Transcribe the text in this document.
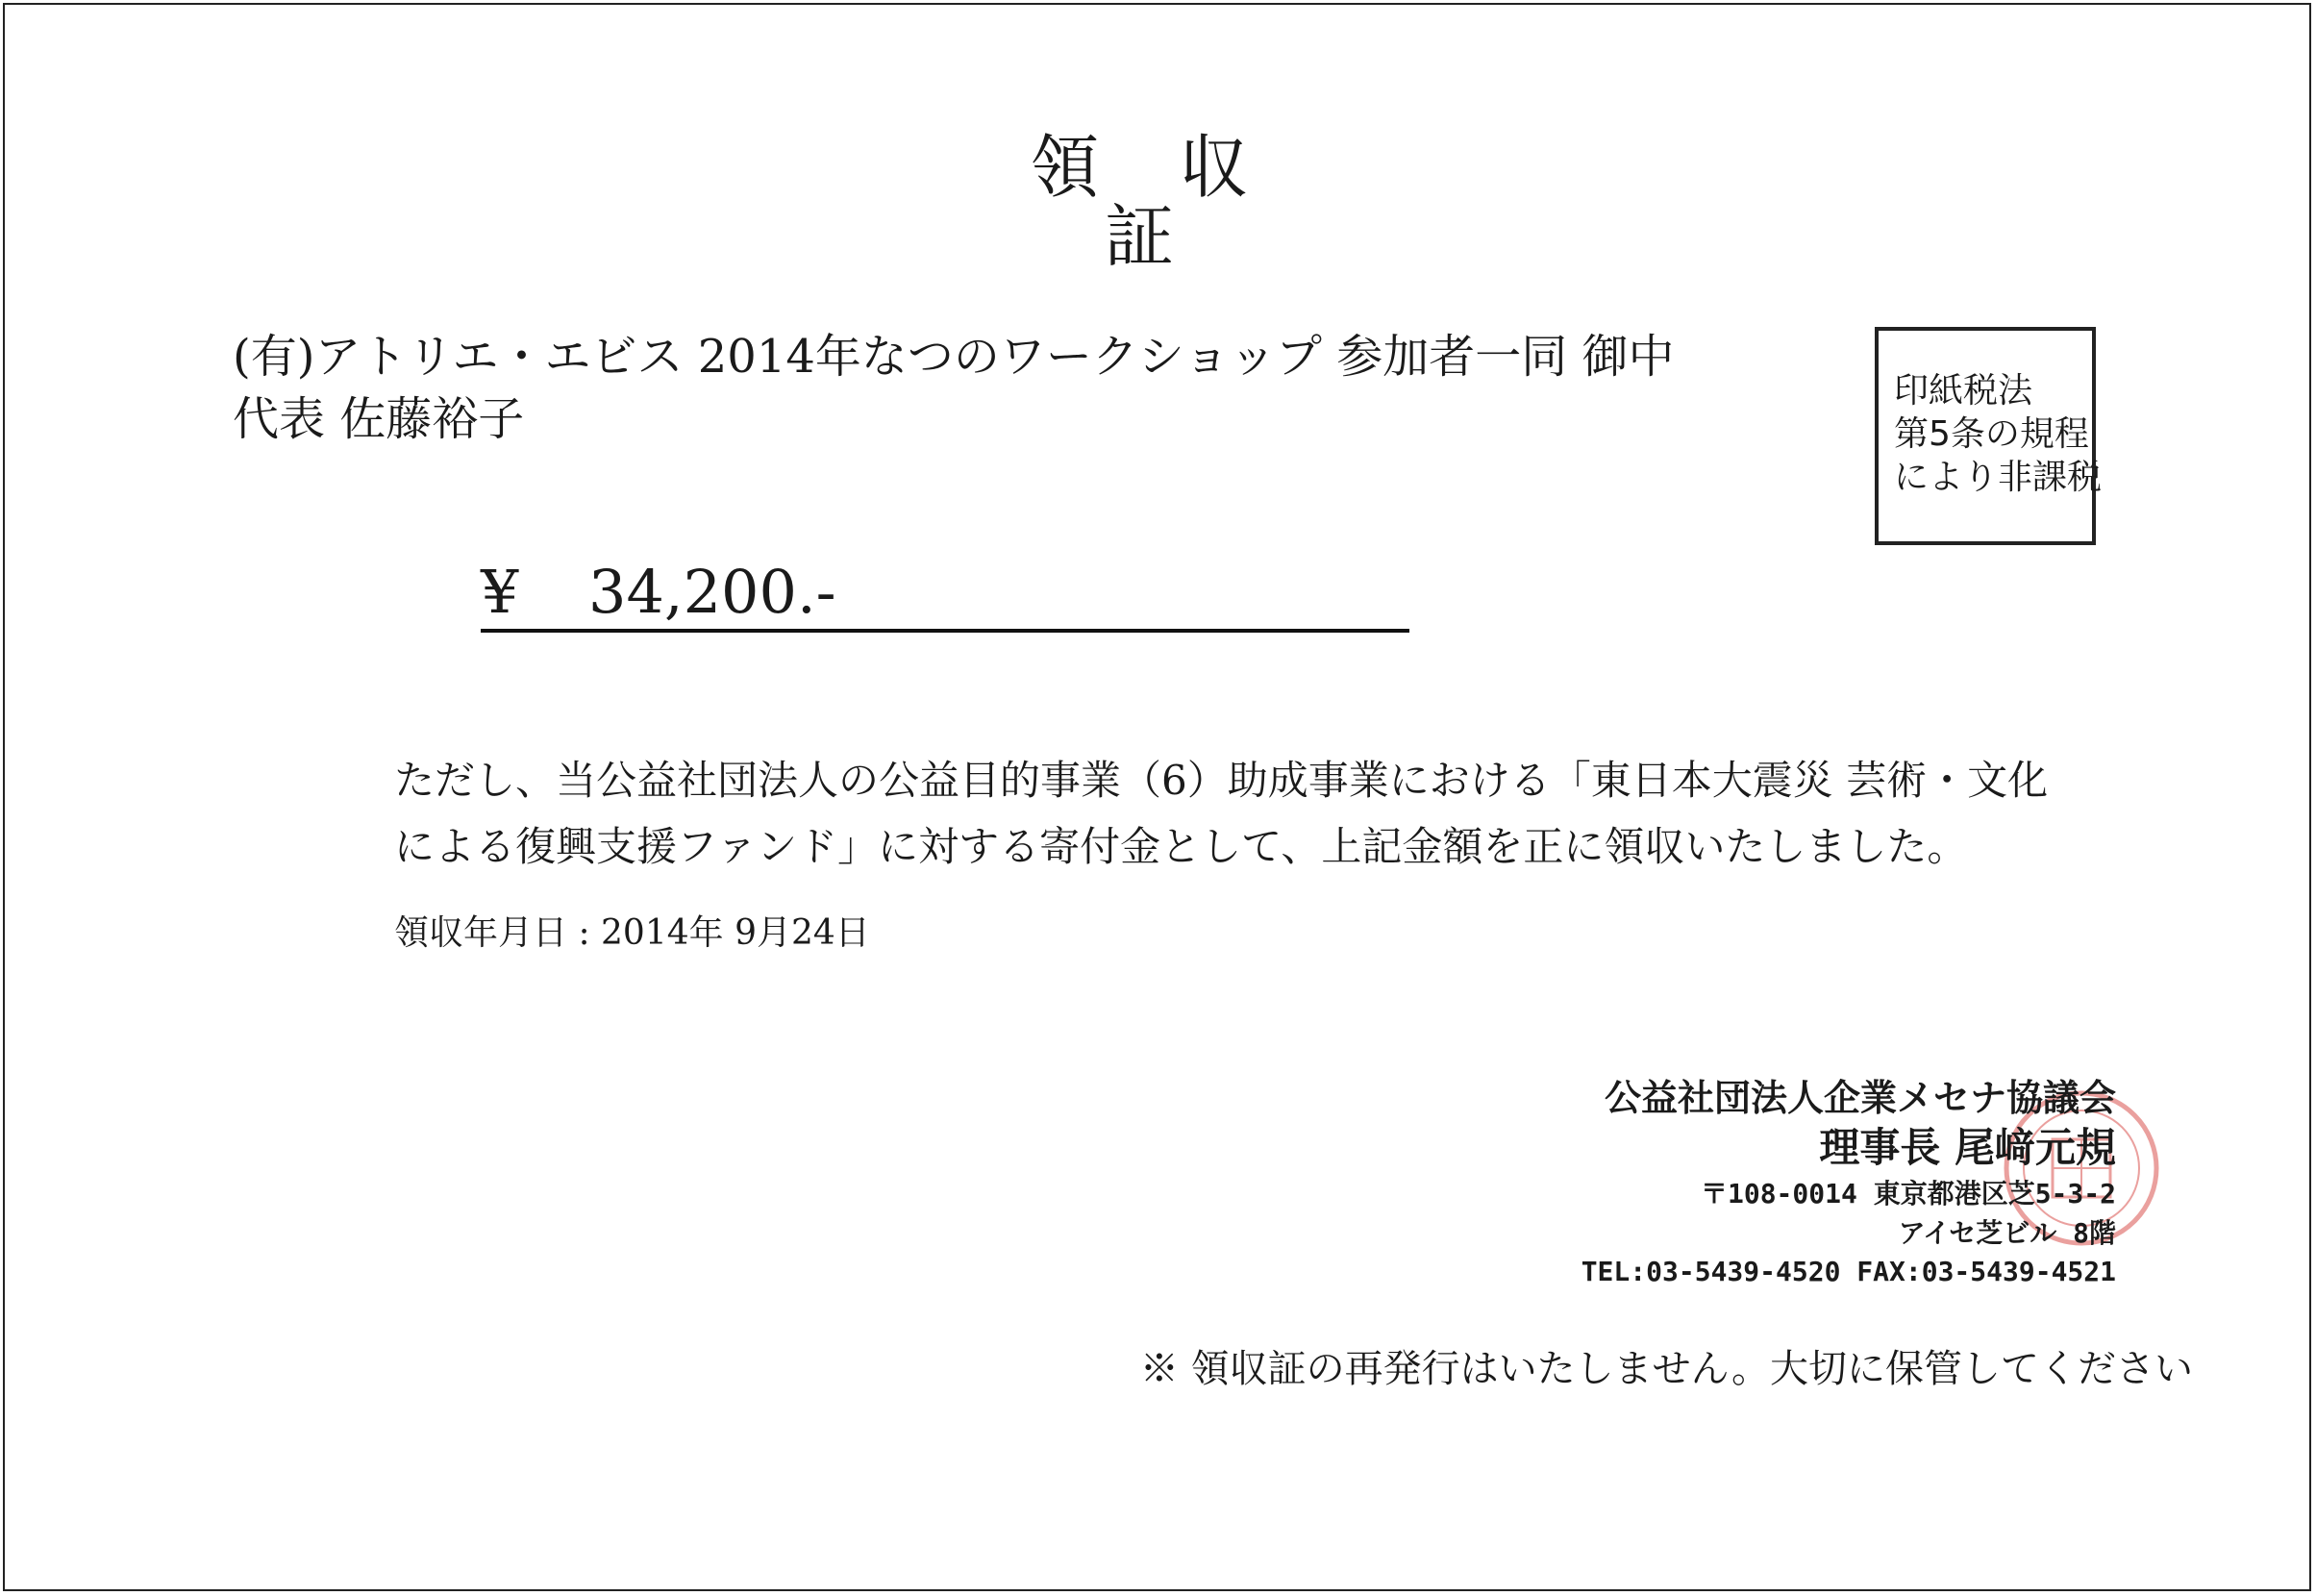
領 収 証
(有)アトリエ・エビス 2014年なつのワークショップ 参加者一同 御中
代表 佐藤裕子
印紙税法
第5条の規程
により非課税
¥ 34,200.-
ただし、当公益社団法人の公益目的事業（6）助成事業における「東日本大震災 芸術・文化
による復興支援ファンド」に対する寄付金として、上記金額を正に領収いたしました。
領収年月日 : 2014年 9月24日
公益社団法人企業メセナ協議会
理事長 尾﨑元規
〒108-0014 東京都港区芝5-3-2
アイセ芝ビル 8階
TEL:03-5439-4520 FAX:03-5439-4521
※ 領収証の再発行はいたしません。大切に保管してください
